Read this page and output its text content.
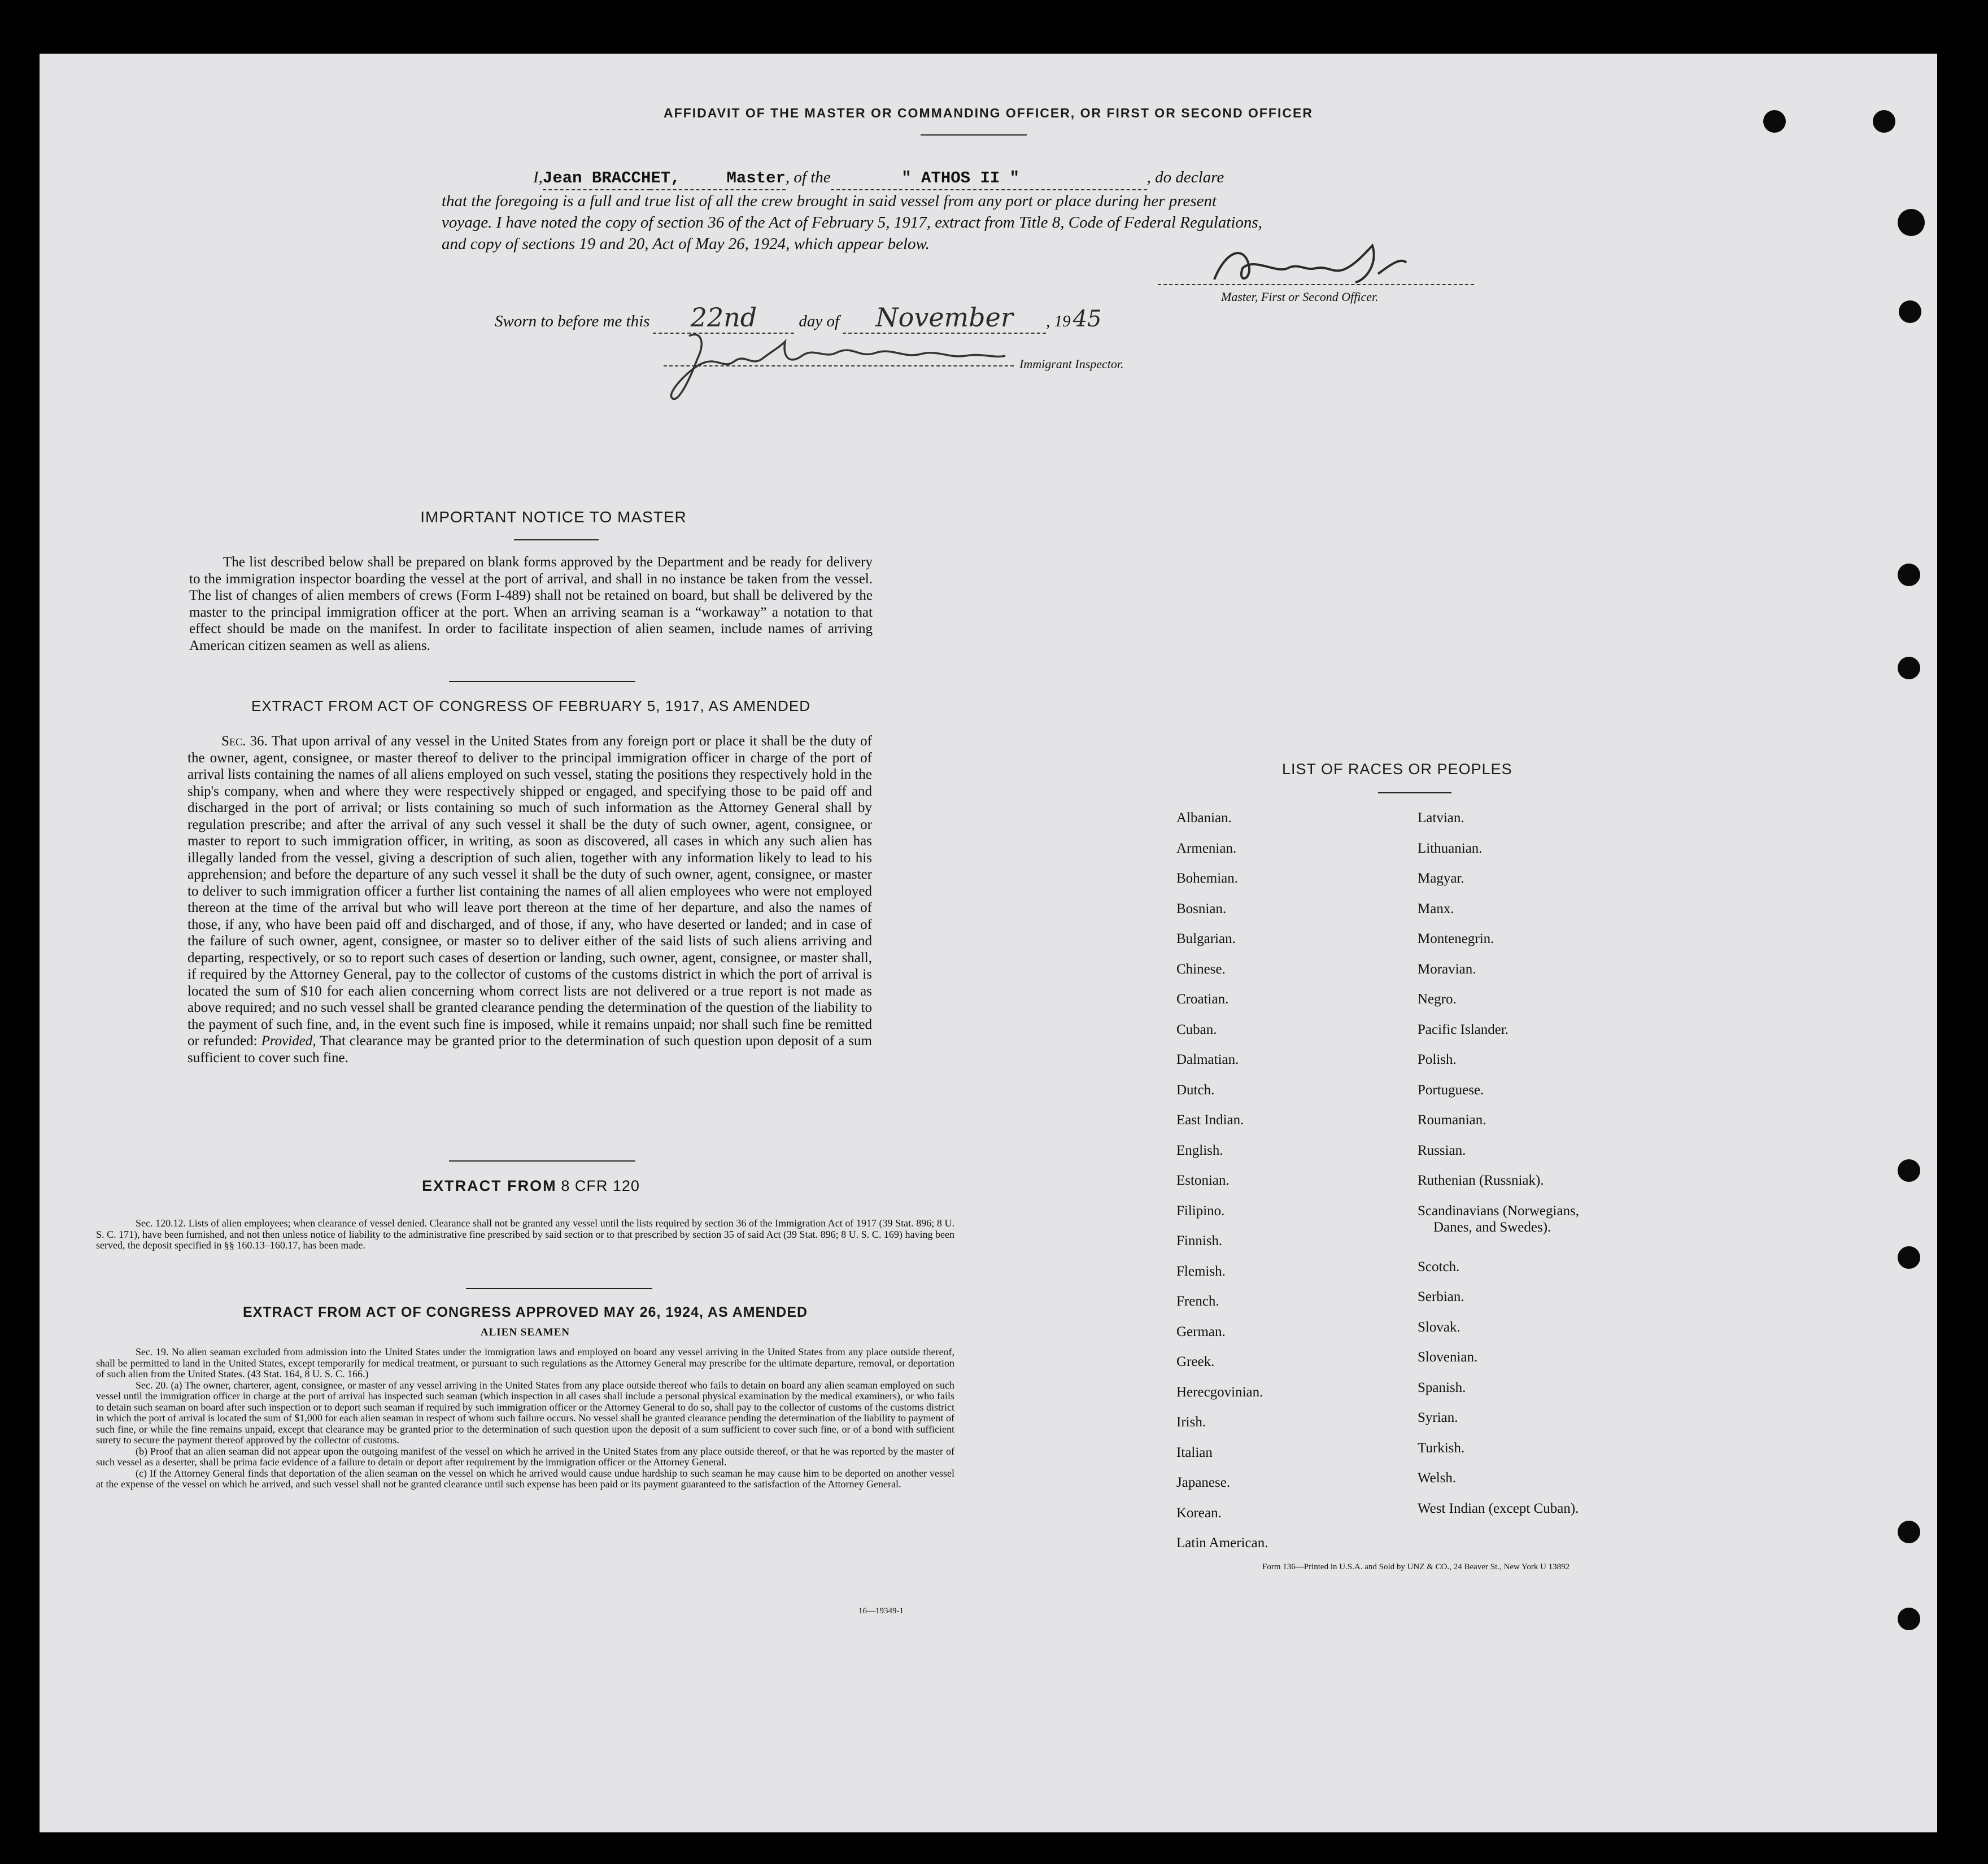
AFFIDAVIT OF THE MASTER OR COMMANDING OFFICER, OR FIRST OR SECOND OFFICER
I, Jean BRACCHET,	Master , of the	" ATHOS II "	, do declare
that the foregoing is a full and true list of all the crew brought in said vessel from any port or place during her present
voyage. I have noted the copy of section 36 of the Act of February 5, 1917, extract from Title 8, Code of Federal Regulations,
and copy of sections 19 and 20, Act of May 26, 1924, which appear below.
Master, First or Second Officer.
Sworn to before me this	22nd	day of	November	, 19 45
Immigrant Inspector.
IMPORTANT NOTICE TO MASTER
The list described below shall be prepared on blank forms approved by the Department and be ready for delivery to the immigration inspector boarding the vessel at the port of arrival, and shall in no instance be taken from the vessel. The list of changes of alien members of crews (Form I-489) shall not be retained on board, but shall be delivered by the master to the principal immigration officer at the port. When an arriving seaman is a “workaway” a notation to that effect should be made on the manifest. In order to facilitate inspection of alien seamen, include names of arriving American citizen seamen as well as aliens.
EXTRACT FROM ACT OF CONGRESS OF FEBRUARY 5, 1917, AS AMENDED
Sec. 36. That upon arrival of any vessel in the United States from any foreign port or place it shall be the duty of the owner, agent, consignee, or master thereof to deliver to the principal immigration officer in charge of the port of arrival lists containing the names of all aliens employed on such vessel, stating the positions they respectively hold in the ship's company, when and where they were respectively shipped or engaged, and specifying those to be paid off and discharged in the port of arrival; or lists containing so much of such information as the Attorney General shall by regulation prescribe; and after the arrival of any such vessel it shall be the duty of such owner, agent, consignee, or master to report to such immigration officer, in writing, as soon as discovered, all cases in which any such alien has illegally landed from the vessel, giving a description of such alien, together with any information likely to lead to his apprehension; and before the departure of any such vessel it shall be the duty of such owner, agent, consignee, or master to deliver to such immigration officer a further list containing the names of all alien employees who were not employed thereon at the time of the arrival but who will leave port thereon at the time of her departure, and also the names of those, if any, who have been paid off and discharged, and of those, if any, who have deserted or landed; and in case of the failure of such owner, agent, consignee, or master so to deliver either of the said lists of such aliens arriving and departing, respectively, or so to report such cases of desertion or landing, such owner, agent, consignee, or master shall, if required by the Attorney General, pay to the collector of customs of the customs district in which the port of arrival is located the sum of $10 for each alien concerning whom correct lists are not delivered or a true report is not made as above required; and no such vessel shall be granted clearance pending the determination of the question of the liability to the payment of such fine, and, in the event such fine is imposed, while it remains unpaid; nor shall such fine be remitted or refunded: Provided, That clearance may be granted prior to the determination of such question upon deposit of a sum sufficient to cover such fine.
EXTRACT FROM 8 CFR 120
Sec. 120.12. Lists of alien employees; when clearance of vessel denied. Clearance shall not be granted any vessel until the lists required by section 36 of the Immigration Act of 1917 (39 Stat. 896; 8 U. S. C. 171), have been furnished, and not then unless notice of liability to the administrative fine prescribed by said section or to that prescribed by section 35 of said Act (39 Stat. 896; 8 U. S. C. 169) having been served, the deposit specified in §§ 160.13–160.17, has been made.
EXTRACT FROM ACT OF CONGRESS APPROVED MAY 26, 1924, AS AMENDED
ALIEN SEAMEN

Sec. 19. No alien seaman excluded from admission into the United States under the immigration laws and employed on board any vessel arriving in the United States from any place outside thereof, shall be permitted to land in the United States, except temporarily for medical treatment, or pursuant to such regulations as the Attorney General may prescribe for the ultimate departure, removal, or deportation of such alien from the United States. (43 Stat. 164, 8 U. S. C. 166.)

Sec. 20. (a) The owner, charterer, agent, consignee, or master of any vessel arriving in the United States from any place outside thereof who fails to detain on board any alien seaman employed on such vessel until the immigration officer in charge at the port of arrival has inspected such seaman (which inspection in all cases shall include a personal physical examination by the medical examiners), or who fails to detain such seaman on board after such inspection or to deport such seaman if required by such immigration officer or the Attorney General to do so, shall pay to the collector of customs of the customs district in which the port of arrival is located the sum of $1,000 for each alien seaman in respect of whom such failure occurs. No vessel shall be granted clearance pending the determination of the liability to payment of such fine, or while the fine remains unpaid, except that clearance may be granted prior to the determination of such question upon the deposit of a sum sufficient to cover such fine, or of a bond with sufficient surety to secure the payment thereof approved by the collector of customs.

(b) Proof that an alien seaman did not appear upon the outgoing manifest of the vessel on which he arrived in the United States from any place outside thereof, or that he was reported by the master of such vessel as a deserter, shall be prima facie evidence of a failure to detain or deport after requirement by the immigration officer or the Attorney General.

(c) If the Attorney General finds that deportation of the alien seaman on the vessel on which he arrived would cause undue hardship to such seaman he may cause him to be deported on another vessel at the expense of the vessel on which he arrived, and such vessel shall not be granted clearance until such expense has been paid or its payment guaranteed to the satisfaction of the Attorney General.

16—19349-1
LIST OF RACES OR PEOPLES
Albanian.
Armenian.
Bohemian.
Bosnian.
Bulgarian.
Chinese.
Croatian.
Cuban.
Dalmatian.
Dutch.
East Indian.
English.
Estonian.
Filipino.
Finnish.
Flemish.
French.
German.
Greek.
Herecgovinian.
Irish.
Italian
Japanese.
Korean.
Latin American.
Latvian.
Lithuanian.
Magyar.
Manx.
Montenegrin.
Moravian.
Negro.
Pacific Islander.
Polish.
Portuguese.
Roumanian.
Russian.
Ruthenian (Russniak).
Scandinavians (Norwegians,
Danes, and Swedes).
Scotch.
Serbian.
Slovak.
Slovenian.
Spanish.
Syrian.
Turkish.
Welsh.
West Indian (except Cuban).
Form 136—Printed in U.S.A. and Sold by UNZ & CO., 24 Beaver St., New York U 13892
